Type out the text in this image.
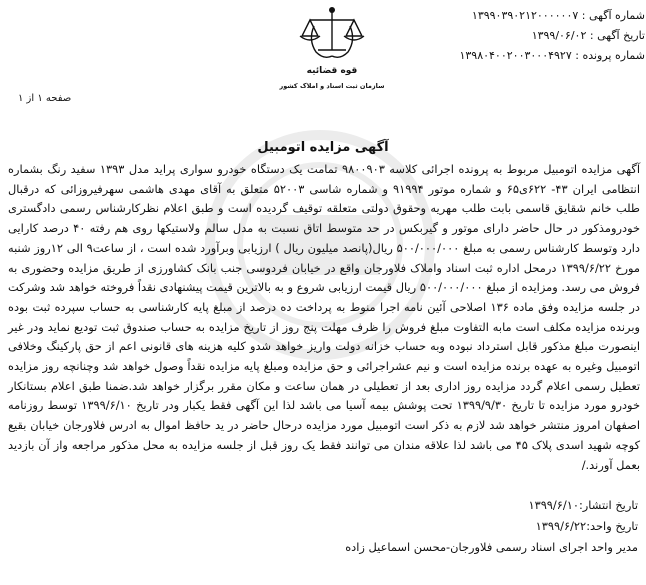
شماره آگهی : ۱۳۹۹۰۳۹۰۲۱۲۰۰۰۰۰۰۷
تاریخ آگهی : ۱۳۹۹/۰۶/۰۲
شماره پرونده : ۱۳۹۸۰۴۰۰۲۰۰۳۰۰۰۴۹۲۷
قوه قضائیه
سازمان ثبت اسناد و املاک کشور
صفحه ۱ از ۱
آگهی مزایده اتومبیل

آگهی مزایده اتومبیل مربوط به پرونده اجرائی کلاسه ۹۸۰۰۹۰۳ تمامت یک دستگاه خودرو سواری پراید مدل ۱۳۹۳ سفید رنگ بشماره انتظامی ایران ۴۳- ۶۲۲ی۶۵ و شماره موتور ۹۱۹۹۴ و شماره شاسی ۵۲۰۰۳ متعلق به آقای مهدی هاشمی سهرفیروزائی که درقبال طلب خانم شقایق قاسمی بابت طلب مهریه وحقوق دولتی متعلقه توقیف گردیده است و طبق اعلام نظرکارشناس رسمی دادگستری خودرومذکور در حال حاضر دارای موتور و گیربکس در حد متوسط اتاق نسبت به مدل سالم ولاستیکها روی هم رفته ۴۰ درصد کارایی دارد وتوسط کارشناس رسمی به مبلغ ۵۰۰/۰۰۰/۰۰۰ ریال(پانصد میلیون ریال ) ارزیابی وبرآورد شده است ، از ساعت۹ الی ۱۲روز شنبه مورخ ۱۳۹۹/۶/۲۲ درمحل اداره ثبت اسناد واملاک فلاورجان واقع در خیابان فردوسی جنب بانک کشاورزی از طریق مزایده وحضوری به فروش می رسد. ومزایده از مبلغ ۵۰۰/۰۰۰/۰۰۰ ریال قیمت ارزیابی شروع و به بالاترین قیمت پیشنهادی نقداً فروخته خواهد شد وشرکت در جلسه مزایده وفق ماده ۱۳۶ اصلاحی آئین نامه اجرا منوط به پرداخت ده درصد از مبلغ پایه کارشناسی به حساب سپرده ثبت بوده وبرنده مزایده مکلف است مابه التفاوت مبلغ فروش را ظرف مهلت پنج روز از تاریخ مزایده به حساب صندوق ثبت تودیع نماید ودر غیر اینصورت مبلغ مذکور قابل استرداد نبوده وبه حساب خزانه دولت واریز خواهد شدو کلیه هزینه های قانونی اعم از حق پارکینگ وخلافی اتومبیل وغیره به عهده برنده مزایده است و نیم عشراجرائی و حق مزایده ومبلغ پایه مزایده نقداً وصول خواهد شد وچنانچه روز مزایده تعطیل رسمی اعلام گردد مزایده روز اداری بعد از تعطیلی در همان ساعت و مکان مقرر برگزار خواهد شد.ضمنا طبق اعلام بستانکار خودرو مورد مزایده تا تاریخ ۱۳۹۹/۹/۳۰ تحت پوشش بیمه آسیا می باشد لذا این آگهی فقط یکبار ودر تاریخ ۱۳۹۹/۶/۱۰ توسط روزنامه اصفهان امروز منتشر خواهد شد لازم به ذکر است اتومبیل مورد مزایده درحال حاضر در ید حافظ اموال به ادرس فلاورجان خیابان بقیع کوچه شهید اسدی پلاک ۴۵ می باشد لذا علاقه مندان می توانند فقط یک روز قبل از جلسه مزایده به محل مذکور مراجعه واز آن بازدید بعمل آورند./

تاریخ انتشار:۱۳۹۹/۶/۱۰
تاریخ واحد:۱۳۹۹/۶/۲۲
مدیر واحد اجرای اسناد رسمی فلاورجان-محسن اسماعیل زاده
